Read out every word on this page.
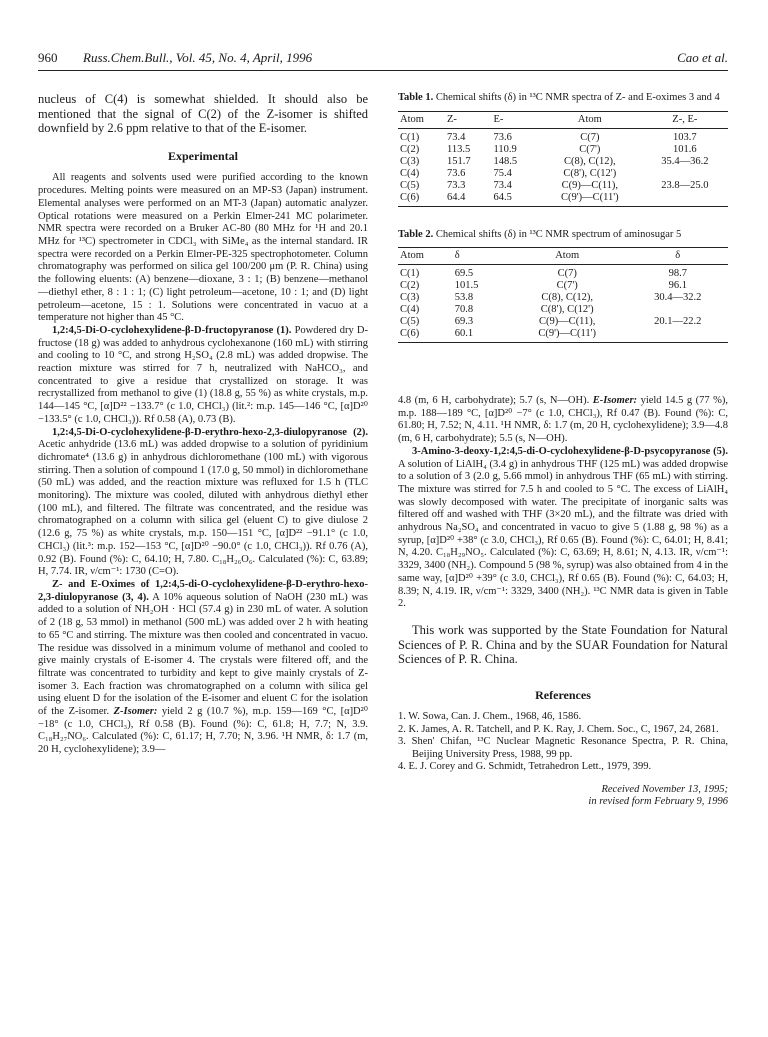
960 Russ.Chem.Bull., Vol. 45, No. 4, April, 1996	Cao et al.

nucleus of C(4) is somewhat shielded. It should also be mentioned that the signal of C(2) of the Z-isomer is shifted downfield by 2.6 ppm relative to that of the E-isomer.

Experimental

All reagents and solvents used were purified according to the known procedures. Melting points were measured on an MP-S3 (Japan) instrument. Elemental analyses were performed on an MT-3 (Japan) automatic analyzer. Optical rotations were measured on a Perkin Elmer-241 MC polarimeter. NMR spectra were recorded on a Bruker AC-80 (80 MHz for ¹H and 20.1 MHz for ¹³C) spectrometer in CDCl₃ with SiMe₄ as the internal standard. IR spectra were recorded on a Perkin Elmer-PE-325 spectrophotometer. Column chromatography was performed on silica gel 100/200 μm (P. R. China) using the following eluents: (A) benzene—dioxane, 3 : 1; (B) benzene—methanol—diethyl ether, 8 : 1 : 1; (C) light petroleum—acetone, 10 : 1; and (D) light petroleum—acetone, 15 : 1. Solutions were concentrated in vacuo at a temperature not higher than 45 °C.

1,2:4,5-Di-O-cyclohexylidene-β-D-fructopyranose (1). Powdered dry D-fructose (18 g) was added to anhydrous cyclohexanone (160 mL) with stirring and cooling to 10 °C, and strong H₂SO₄ (2.8 mL) was added dropwise. The reaction mixture was stirred for 7 h, neutralized with NaHCO₃, and concentrated to give a residue that crystallized on storage. It was recrystallized from methanol to give (1) (18.8 g, 55 %) as white crystals, m.p. 144—145 °C, [α]D²² −133.7° (c 1.0, CHCl₃) (lit.²: m.p. 145—146 °C, [α]D²⁰ −133.5° (c 1.0, CHCl₃)). Rf 0.58 (A), 0.73 (B).

1,2:4,5-Di-O-cyclohexylidene-β-D-erythro-hexo-2,3-diulopyranose (2). Acetic anhydride (13.6 mL) was added dropwise to a solution of pyridinium dichromate⁴ (13.6 g) in anhydrous dichloromethane (100 mL) with vigorous stirring. Then a solution of compound 1 (17.0 g, 50 mmol) in dichloromethane (50 mL) was added, and the reaction mixture was refluxed for 1.5 h (TLC monitoring). The mixture was cooled, diluted with anhydrous diethyl ether (100 mL), and filtered. The filtrate was concentrated, and the residue was chromatographed on a column with silica gel (eluent C) to give diulose 2 (12.6 g, 75 %) as white crystals, m.p. 150—151 °C, [α]D²² −91.1° (c 1.0, CHCl₃) (lit.³: m.p. 152—153 °C, [α]D²⁰ −90.0° (c 1.0, CHCl₃)). Rf 0.76 (A), 0.92 (B). Found (%): C, 64.10; H, 7.80. C₁₈H₂₆O₆. Calculated (%): C, 63.89; H, 7.74. IR, ν/cm⁻¹: 1730 (C=O).

Z- and E-Oximes of 1,2:4,5-di-O-cyclohexylidene-β-D-erythro-hexo-2,3-diulopyranose (3, 4). A 10% aqueous solution of NaOH (230 mL) was added to a solution of NH₂OH · HCl (57.4 g) in 230 mL of water. A solution of 2 (18 g, 53 mmol) in methanol (500 mL) was added over 2 h with heating to 65 °C and stirring. The mixture was then cooled and concentrated in vacuo. The residue was dissolved in a minimum volume of methanol and cooled to give mainly crystals of E-isomer 4. The crystals were filtered off, and the filtrate was concentrated to turbidity and kept to give mainly crystals of Z-isomer 3. Each fraction was chromatographed on a column with silica gel using eluent D for the isolation of the E-isomer and eluent C for the isolation of the Z-isomer. Z-Isomer: yield 2 g (10.7 %), m.p. 159—169 °C, [α]D²⁰ −18° (c 1.0, CHCl₃), Rf 0.58 (B). Found (%): C, 61.8; H, 7.7; N, 3.9. C₁₈H₂₇NO₆. Calculated (%): C, 61.17; H, 7.70; N, 3.96. ¹H NMR, δ: 1.7 (m, 20 H, cyclohexylidene); 3.9—

Table 1. Chemical shifts (δ) in ¹³C NMR spectra of Z- and E-oximes 3 and 4
Atom	Z-	E-	Atom	Z-, E-
C(1)	73.4	73.6	C(7)	103.7
C(2)	113.5	110.9	C(7')	101.6
C(3)	151.7	148.5	C(8), C(12),	35.4—36.2
C(4)	73.6	75.4	C(8'), C(12')	
C(5)	73.3	73.4	C(9)—C(11),	23.8—25.0
C(6)	64.4	64.5	C(9')—C(11')	
Table 2. Chemical shifts (δ) in ¹³C NMR spectrum of aminosugar 5
Atom	δ	Atom	δ
C(1)	69.5	C(7)	98.7
C(2)	101.5	C(7')	96.1
C(3)	53.8	C(8), C(12),	30.4—32.2
C(4)	70.8	C(8'), C(12')	
C(5)	69.3	C(9)—C(11),	20.1—22.2
C(6)	60.1	C(9')—C(11')	

4.8 (m, 6 H, carbohydrate); 5.7 (s, N—OH). E-Isomer: yield 14.5 g (77 %), m.p. 188—189 °C, [α]D²⁰ −7° (c 1.0, CHCl₃), Rf 0.47 (B). Found (%): C, 61.80; H, 7.52; N, 4.11. ¹H NMR, δ: 1.7 (m, 20 H, cyclohexylidene); 3.9—4.8 (m, 6 H, carbohydrate); 5.5 (s, N—OH).

3-Amino-3-deoxy-1,2:4,5-di-O-cyclohexylidene-β-D-psycopyranose (5). A solution of LiAlH₄ (3.4 g) in anhydrous THF (125 mL) was added dropwise to a solution of 3 (2.0 g, 5.66 mmol) in anhydrous THF (65 mL) with stirring. The mixture was stirred for 7.5 h and cooled to 5 °C. The excess of LiAlH₄ was slowly decomposed with water. The precipitate of inorganic salts was filtered off and washed with THF (3×20 mL), and the filtrate was dried with anhydrous Na₂SO₄ and concentrated in vacuo to give 5 (1.88 g, 98 %) as a syrup, [α]D²⁰ +38° (c 3.0, CHCl₃), Rf 0.65 (B). Found (%): C, 64.01; H, 8.41; N, 4.20. C₁₈H₂₉NO₅. Calculated (%): C, 63.69; H, 8.61; N, 4.13. IR, ν/cm⁻¹: 3329, 3400 (NH₂). Compound 5 (98 %, syrup) was also obtained from 4 in the same way, [α]D²⁰ +39° (c 3.0, CHCl₃), Rf 0.65 (B). Found (%): C, 64.03; H, 8.39; N, 4.19. IR, ν/cm⁻¹: 3329, 3400 (NH₂). ¹³C NMR data is given in Table 2.

This work was supported by the State Foundation for Natural Sciences of P. R. China and by the SUAR Foundation for Natural Sciences of P. R. China.

References
1. W. Sowa, Can. J. Chem., 1968, 46, 1586.
2. K. James, A. R. Tatchell, and P. K. Ray, J. Chem. Soc., C, 1967, 24, 2681.
3. Shen' Chifan, ¹³C Nuclear Magnetic Resonance Spectra, P. R. China, Beijing University Press, 1988, 99 pp.
4. E. J. Corey and G. Schmidt, Tetrahedron Lett., 1979, 399.
Received November 13, 1995;
in revised form February 9, 1996
